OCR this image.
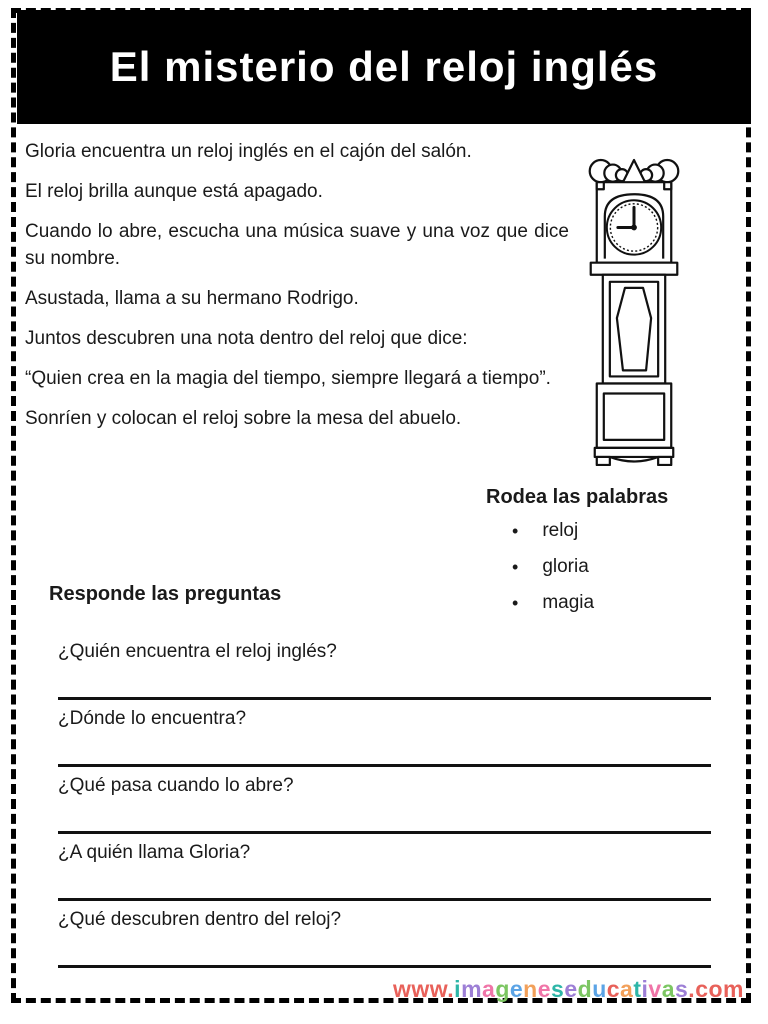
El misterio del reloj inglés

Gloria encuentra un reloj inglés en el cajón del salón.

El reloj brilla aunque está apagado.

Cuando lo abre, escucha una música suave y una voz que dice su nombre.

Asustada, llama a su hermano Rodrigo.

Juntos descubren una nota dentro del reloj que dice:

“Quien crea en la magia del tiempo, siempre llegará a tiempo”.

Sonríen y colocan el reloj sobre la mesa del abuelo.

Rodea las palabras
• reloj
• gloria
• magia
Responde las preguntas
¿Quién encuentra el reloj inglés?
¿Dónde lo encuentra?
¿Qué pasa cuando lo abre?
¿A quién llama Gloria?
¿Qué descubren dentro del reloj?
www.imageneseducativas.com
